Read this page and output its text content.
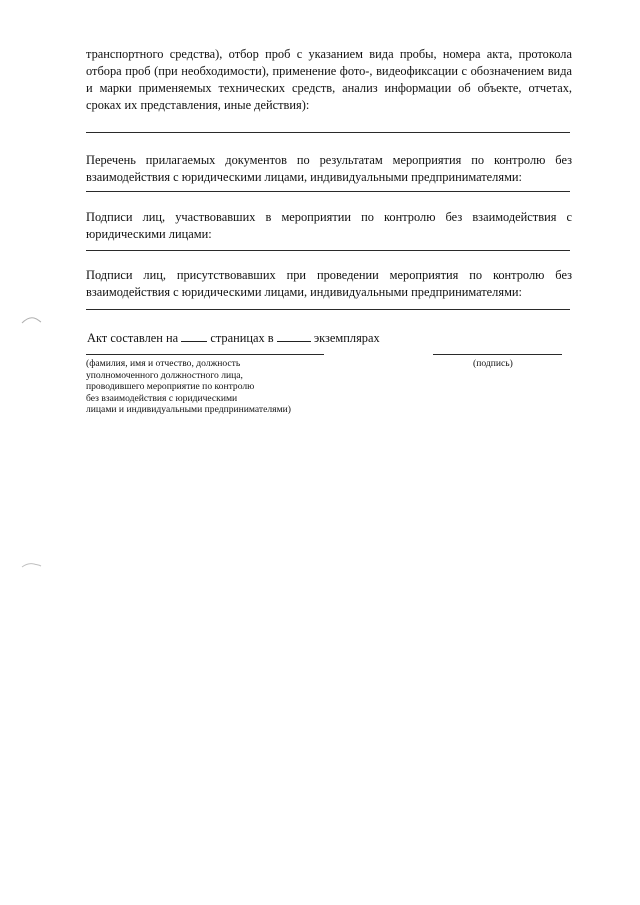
транспортного средства), отбор проб с указанием вида пробы, номера акта, протокола отбора проб (при необходимости), применение фото-, видеофиксации с обозначением вида и марки применяемых технических средств, анализ информации об объекте, отчетах, сроках их представления, иные действия):

Перечень прилагаемых документов по результатам мероприятия по контролю без взаимодействия с юридическими лицами, индивидуальными предпринимателями:

Подписи лиц, участвовавших в мероприятии по контролю без взаимодействия с юридическими лицами:

Подписи лиц, присутствовавших при проведении мероприятия по контролю без взаимодействия с юридическими лицами, индивидуальными предпринимателями:

Акт составлен на	страницах в	экземплярах

(фамилия, имя и отчество, должность
уполномоченного должностного лица,
проводившего мероприятие по контролю
без взаимодействия с юридическими
лицами и индивидуальными предпринимателями)

(подпись)
